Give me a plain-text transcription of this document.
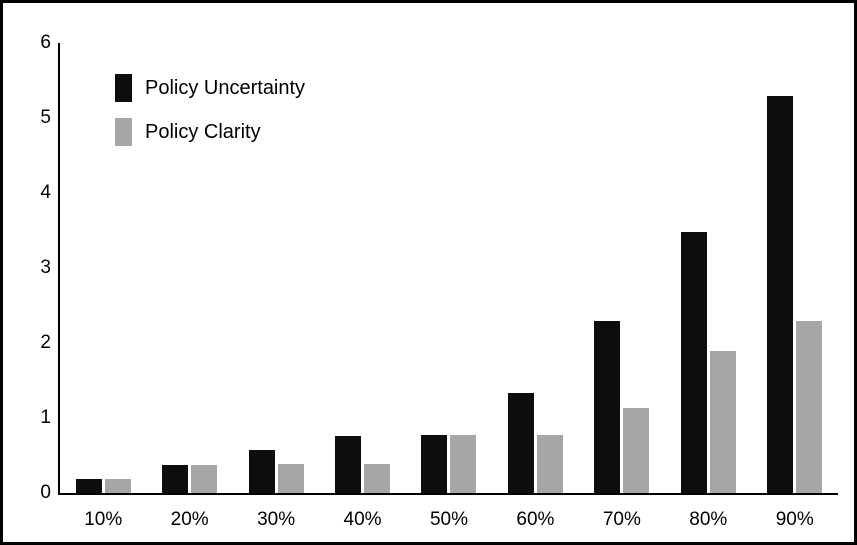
0
1
2
3
4
5
6
10%	20%	30%	40%	50%	60%	70%	80%	90%
Policy Uncertainty
Policy Clarity
